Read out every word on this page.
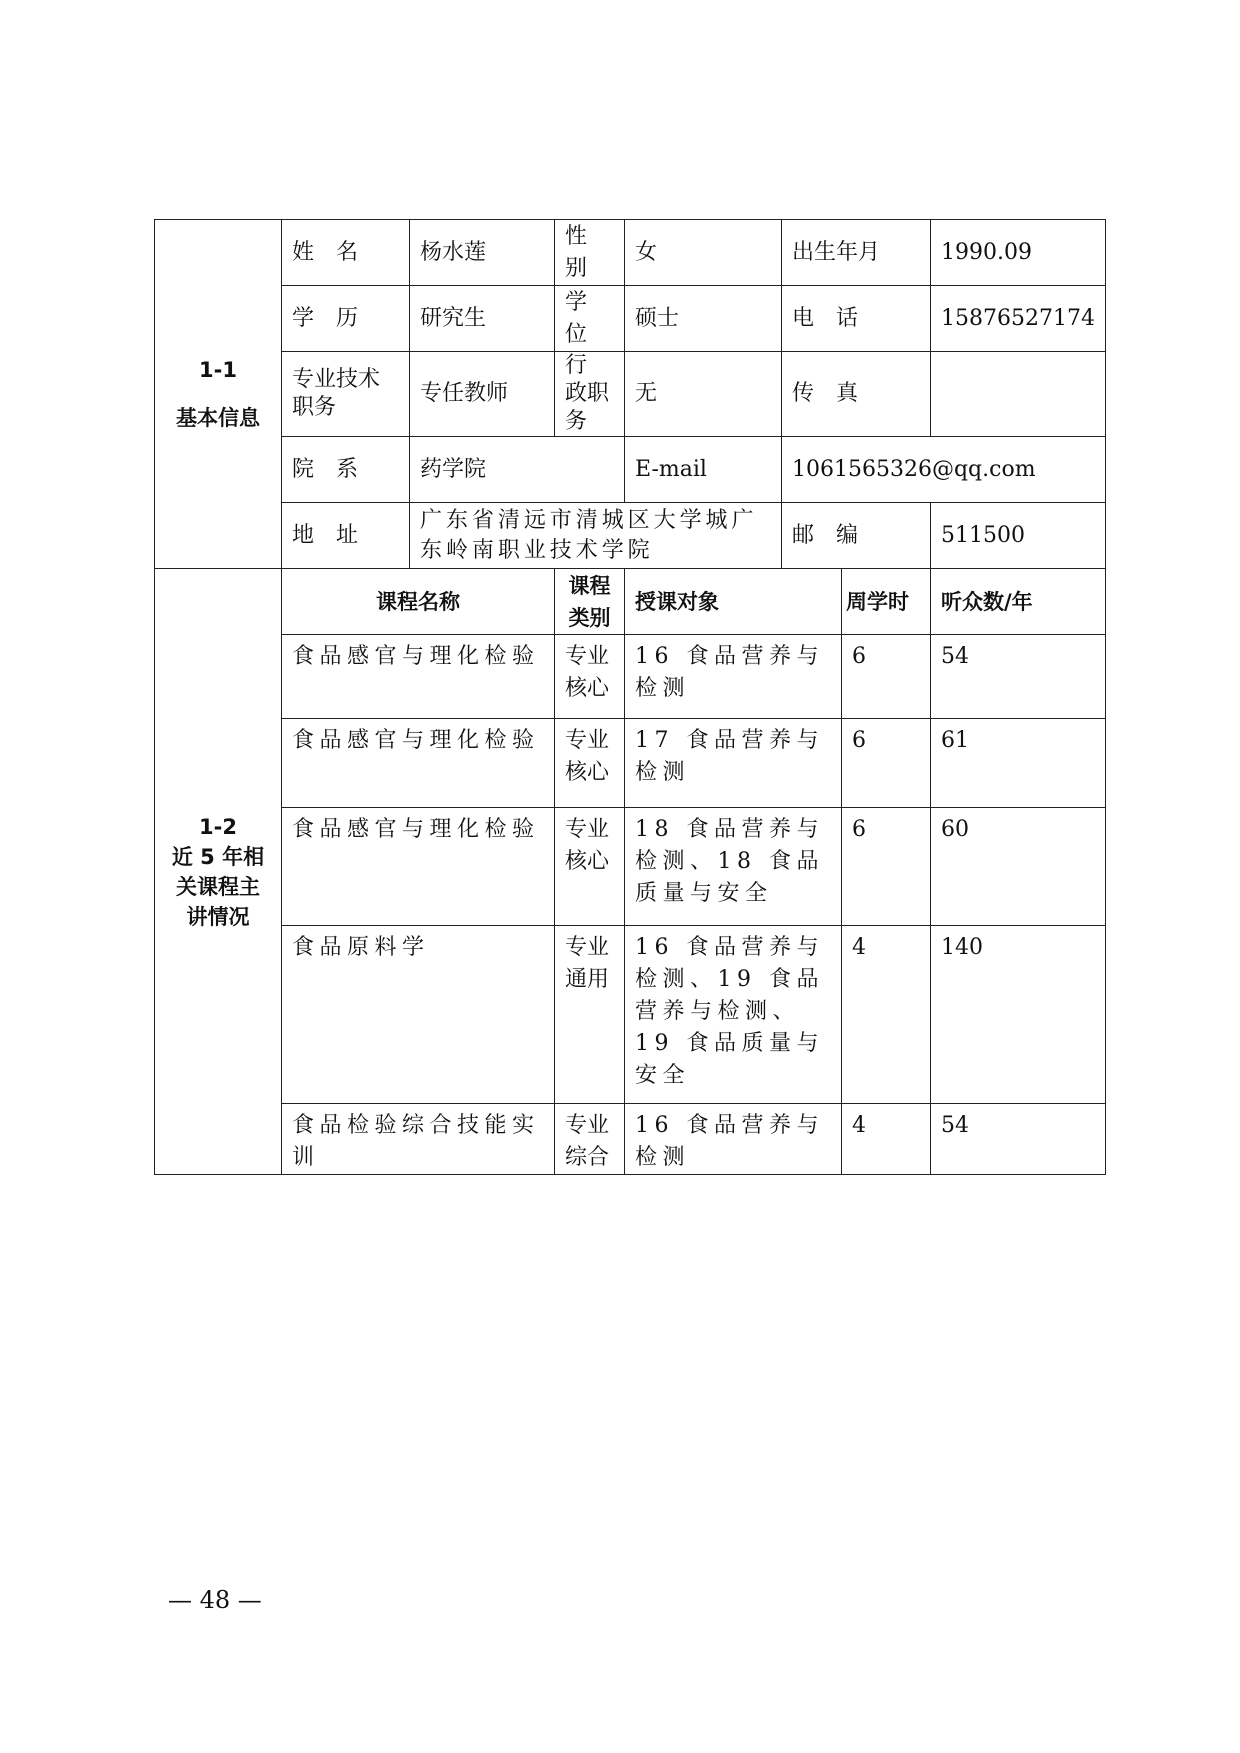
1-1
基本信息	姓　名	杨水莲	性　别	女	出生年月		1990.09
	学　历	研究生	学　位	硕士	电　话		15876527174
	专业技术职务	专任教师	行　政职　务	无	传　真		
	院　系	药学院		E-mail	1061565326@qq.com		
	地　址	广东省清远市清城区大学城广东岭南职业技术学院			邮　编		511500

1-2
近 5 年相
关课程主
讲情况	课程名称		课程类别	授课对象		周学时	听众数/年
	食品感官与理化检验		专业核心	16 食品营养与检测		6	54
	食品感官与理化检验		专业核心	17 食品营养与检测		6	61
	食品感官与理化检验		专业核心	18 食品营养与检测、18 食品质量与安全		6	60
	食品原料学		专业通用	16 食品营养与检测、19 食品营养与检测、19 食品质量与安全		4	140
	食品检验综合技能实训		专业综合	16 食品营养与检测		4	54
— 48 —
